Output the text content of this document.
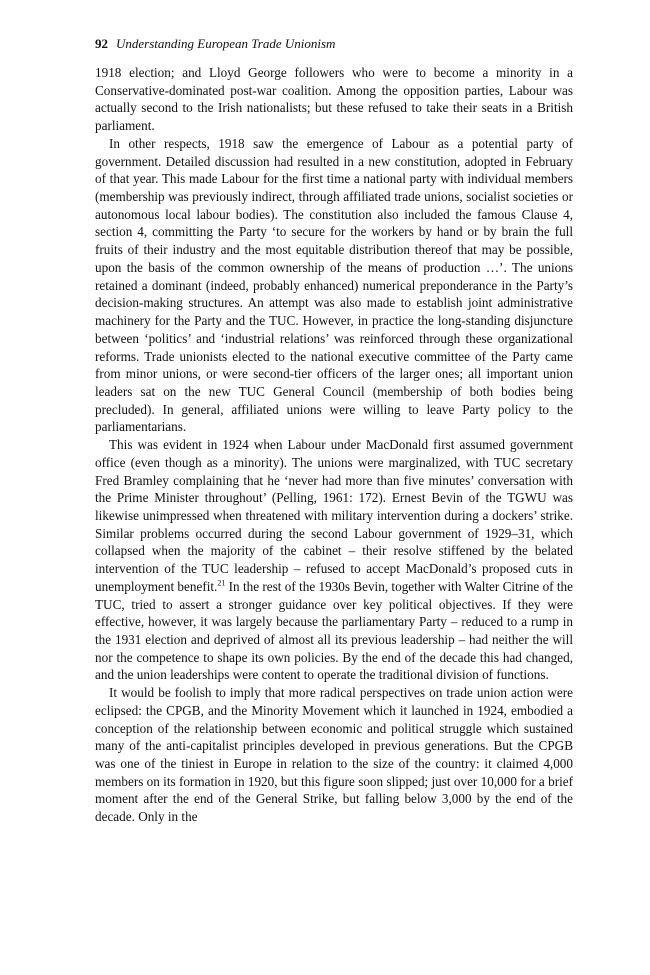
92 Understanding European Trade Unionism

1918 election; and Lloyd George followers who were to become a minority in a Conservative-dominated post-war coalition. Among the opposition parties, Labour was actually second to the Irish nationalists; but these refused to take their seats in a British parliament.

In other respects, 1918 saw the emergence of Labour as a potential party of government. Detailed discussion had resulted in a new constitution, adopted in February of that year. This made Labour for the first time a national party with individual members (membership was previously indirect, through affiliated trade unions, socialist societies or autonomous local labour bodies). The constitution also included the famous Clause 4, section 4, committing the Party ‘to secure for the workers by hand or by brain the full fruits of their industry and the most equitable distribution thereof that may be possible, upon the basis of the common ownership of the means of production …’. The unions retained a dominant (indeed, probably enhanced) numerical preponderance in the Party’s decision-making structures. An attempt was also made to establish joint administrative machinery for the Party and the TUC. However, in practice the long-standing disjuncture between ‘politics’ and ‘industrial relations’ was reinforced through these organizational reforms. Trade unionists elected to the national executive committee of the Party came from minor unions, or were second-tier officers of the larger ones; all important union leaders sat on the new TUC General Council (membership of both bodies being precluded). In general, affiliated unions were willing to leave Party policy to the parliamentarians.

This was evident in 1924 when Labour under MacDonald first assumed government office (even though as a minority). The unions were marginalized, with TUC secretary Fred Bramley complaining that he ‘never had more than five minutes’ conversation with the Prime Minister throughout’ (Pelling, 1961: 172). Ernest Bevin of the TGWU was likewise unimpressed when threatened with military intervention during a dockers’ strike. Similar problems occurred during the second Labour government of 1929–31, which collapsed when the majority of the cabinet – their resolve stiffened by the belated intervention of the TUC leadership – refused to accept MacDonald’s proposed cuts in unemployment benefit.$^{21}$ In the rest of the 1930s Bevin, together with Walter Citrine of the TUC, tried to assert a stronger guidance over key political objectives. If they were effective, however, it was largely because the parliamentary Party – reduced to a rump in the 1931 election and deprived of almost all its previous leadership – had neither the will nor the competence to shape its own policies. By the end of the decade this had changed, and the union leaderships were content to operate the traditional division of functions.

It would be foolish to imply that more radical perspectives on trade union action were eclipsed: the CPGB, and the Minority Movement which it launched in 1924, embodied a conception of the relationship between economic and political struggle which sustained many of the anti-capitalist principles developed in previous generations. But the CPGB was one of the tiniest in Europe in relation to the size of the country: it claimed 4,000 members on its formation in 1920, but this figure soon slipped; just over 10,000 for a brief moment after the end of the General Strike, but falling below 3,000 by the end of the decade. Only in the
